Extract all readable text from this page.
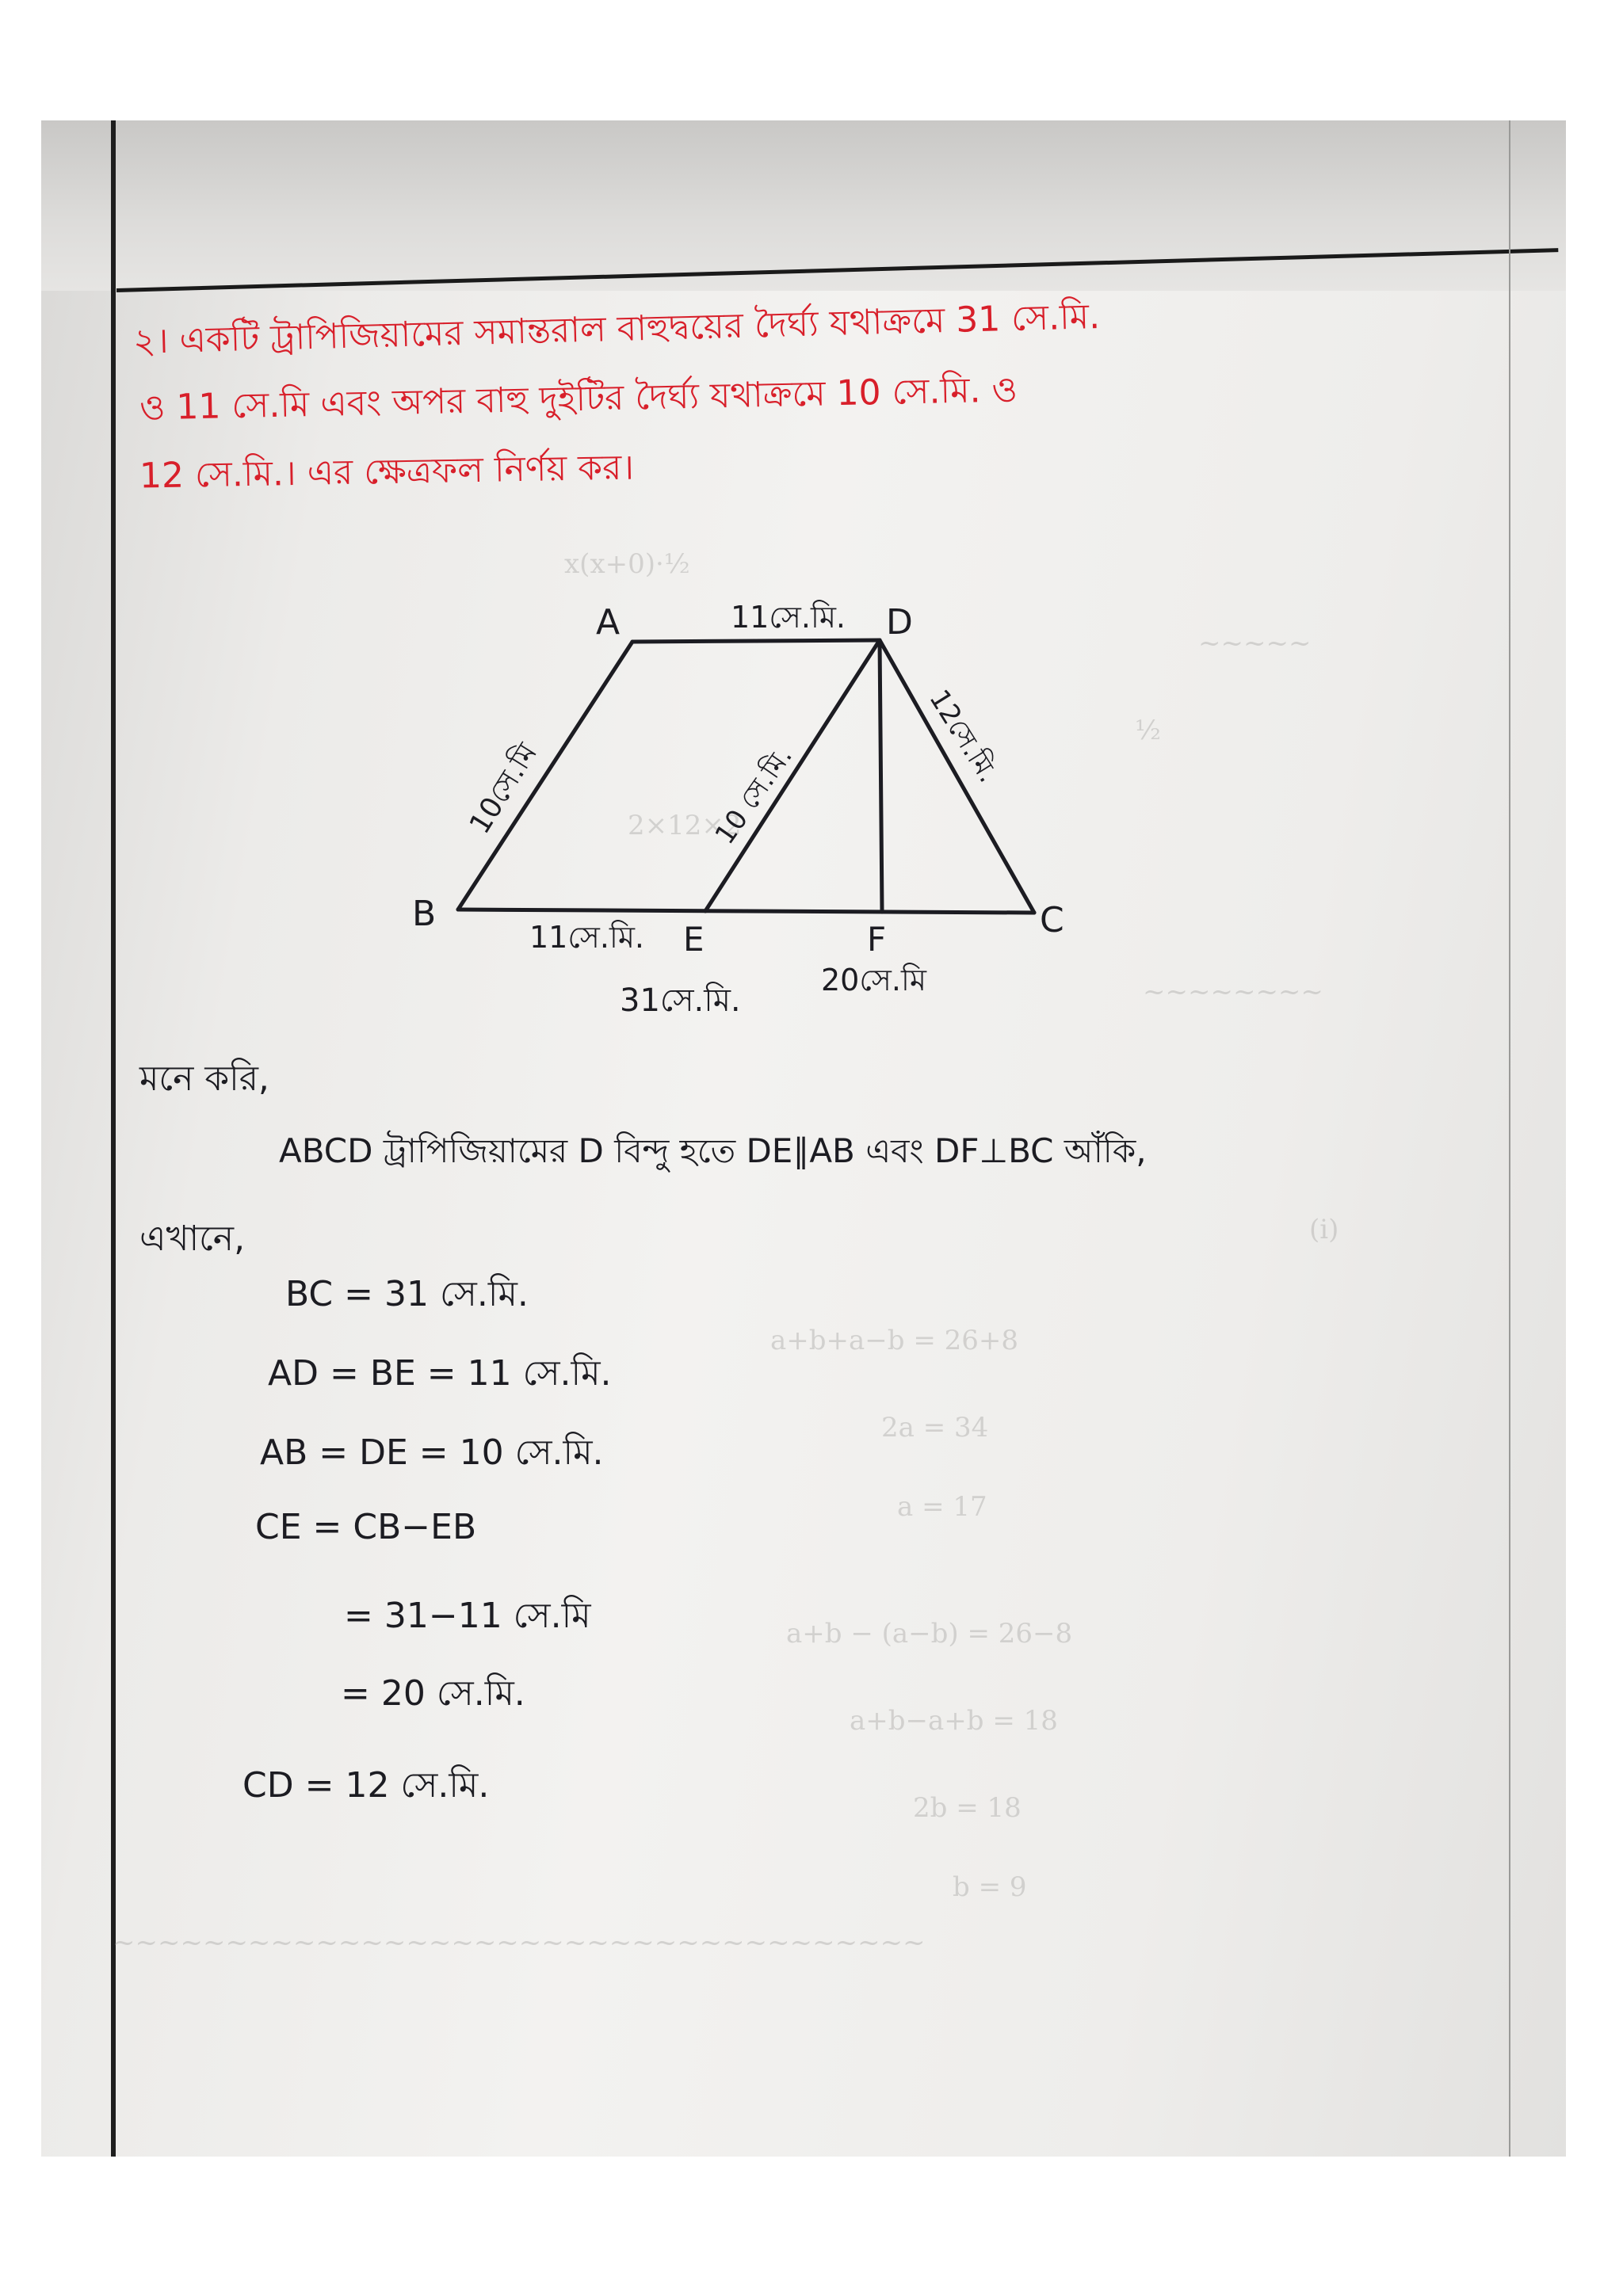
x(x+0)·½
~~~~~
½
2×12×2
~~~~~~~~
(i)
a+b+a−b = 26+8
2a = 34
a = 17
a+b − (a−b) = 26−8
a+b−a+b = 18
2b = 18
b = 9
~~~~~~~~~~~~~~~~~~~~~~~~~~~~~~~~~~~~
২। একটি ট্রাপিজিয়ামের সমান্তরাল বাহুদ্বয়ের দৈর্ঘ্য যথাক্রমে 31 সে.মি.
ও 11 সে.মি এবং অপর বাহু দুইটির দৈর্ঘ্য যথাক্রমে 10 সে.মি. ও
12 সে.মি.। এর ক্ষেত্রফল নির্ণয় কর।
A	D
B	C
E	F
11সে.মি.
10সে.মি	10 সে.মি.
12সে.মি.
11সে.মি.
20সে.মি
31সে.মি.
মনে করি,
ABCD ট্রাপিজিয়ামের D বিন্দু হতে DE∥AB এবং DF⊥BC আঁকি,
এখানে,
BC = 31 সে.মি.
AD = BE = 11 সে.মি.
AB = DE = 10 সে.মি.
CE = CB−EB
= 31−11 সে.মি
= 20 সে.মি.
CD = 12 সে.মি.
